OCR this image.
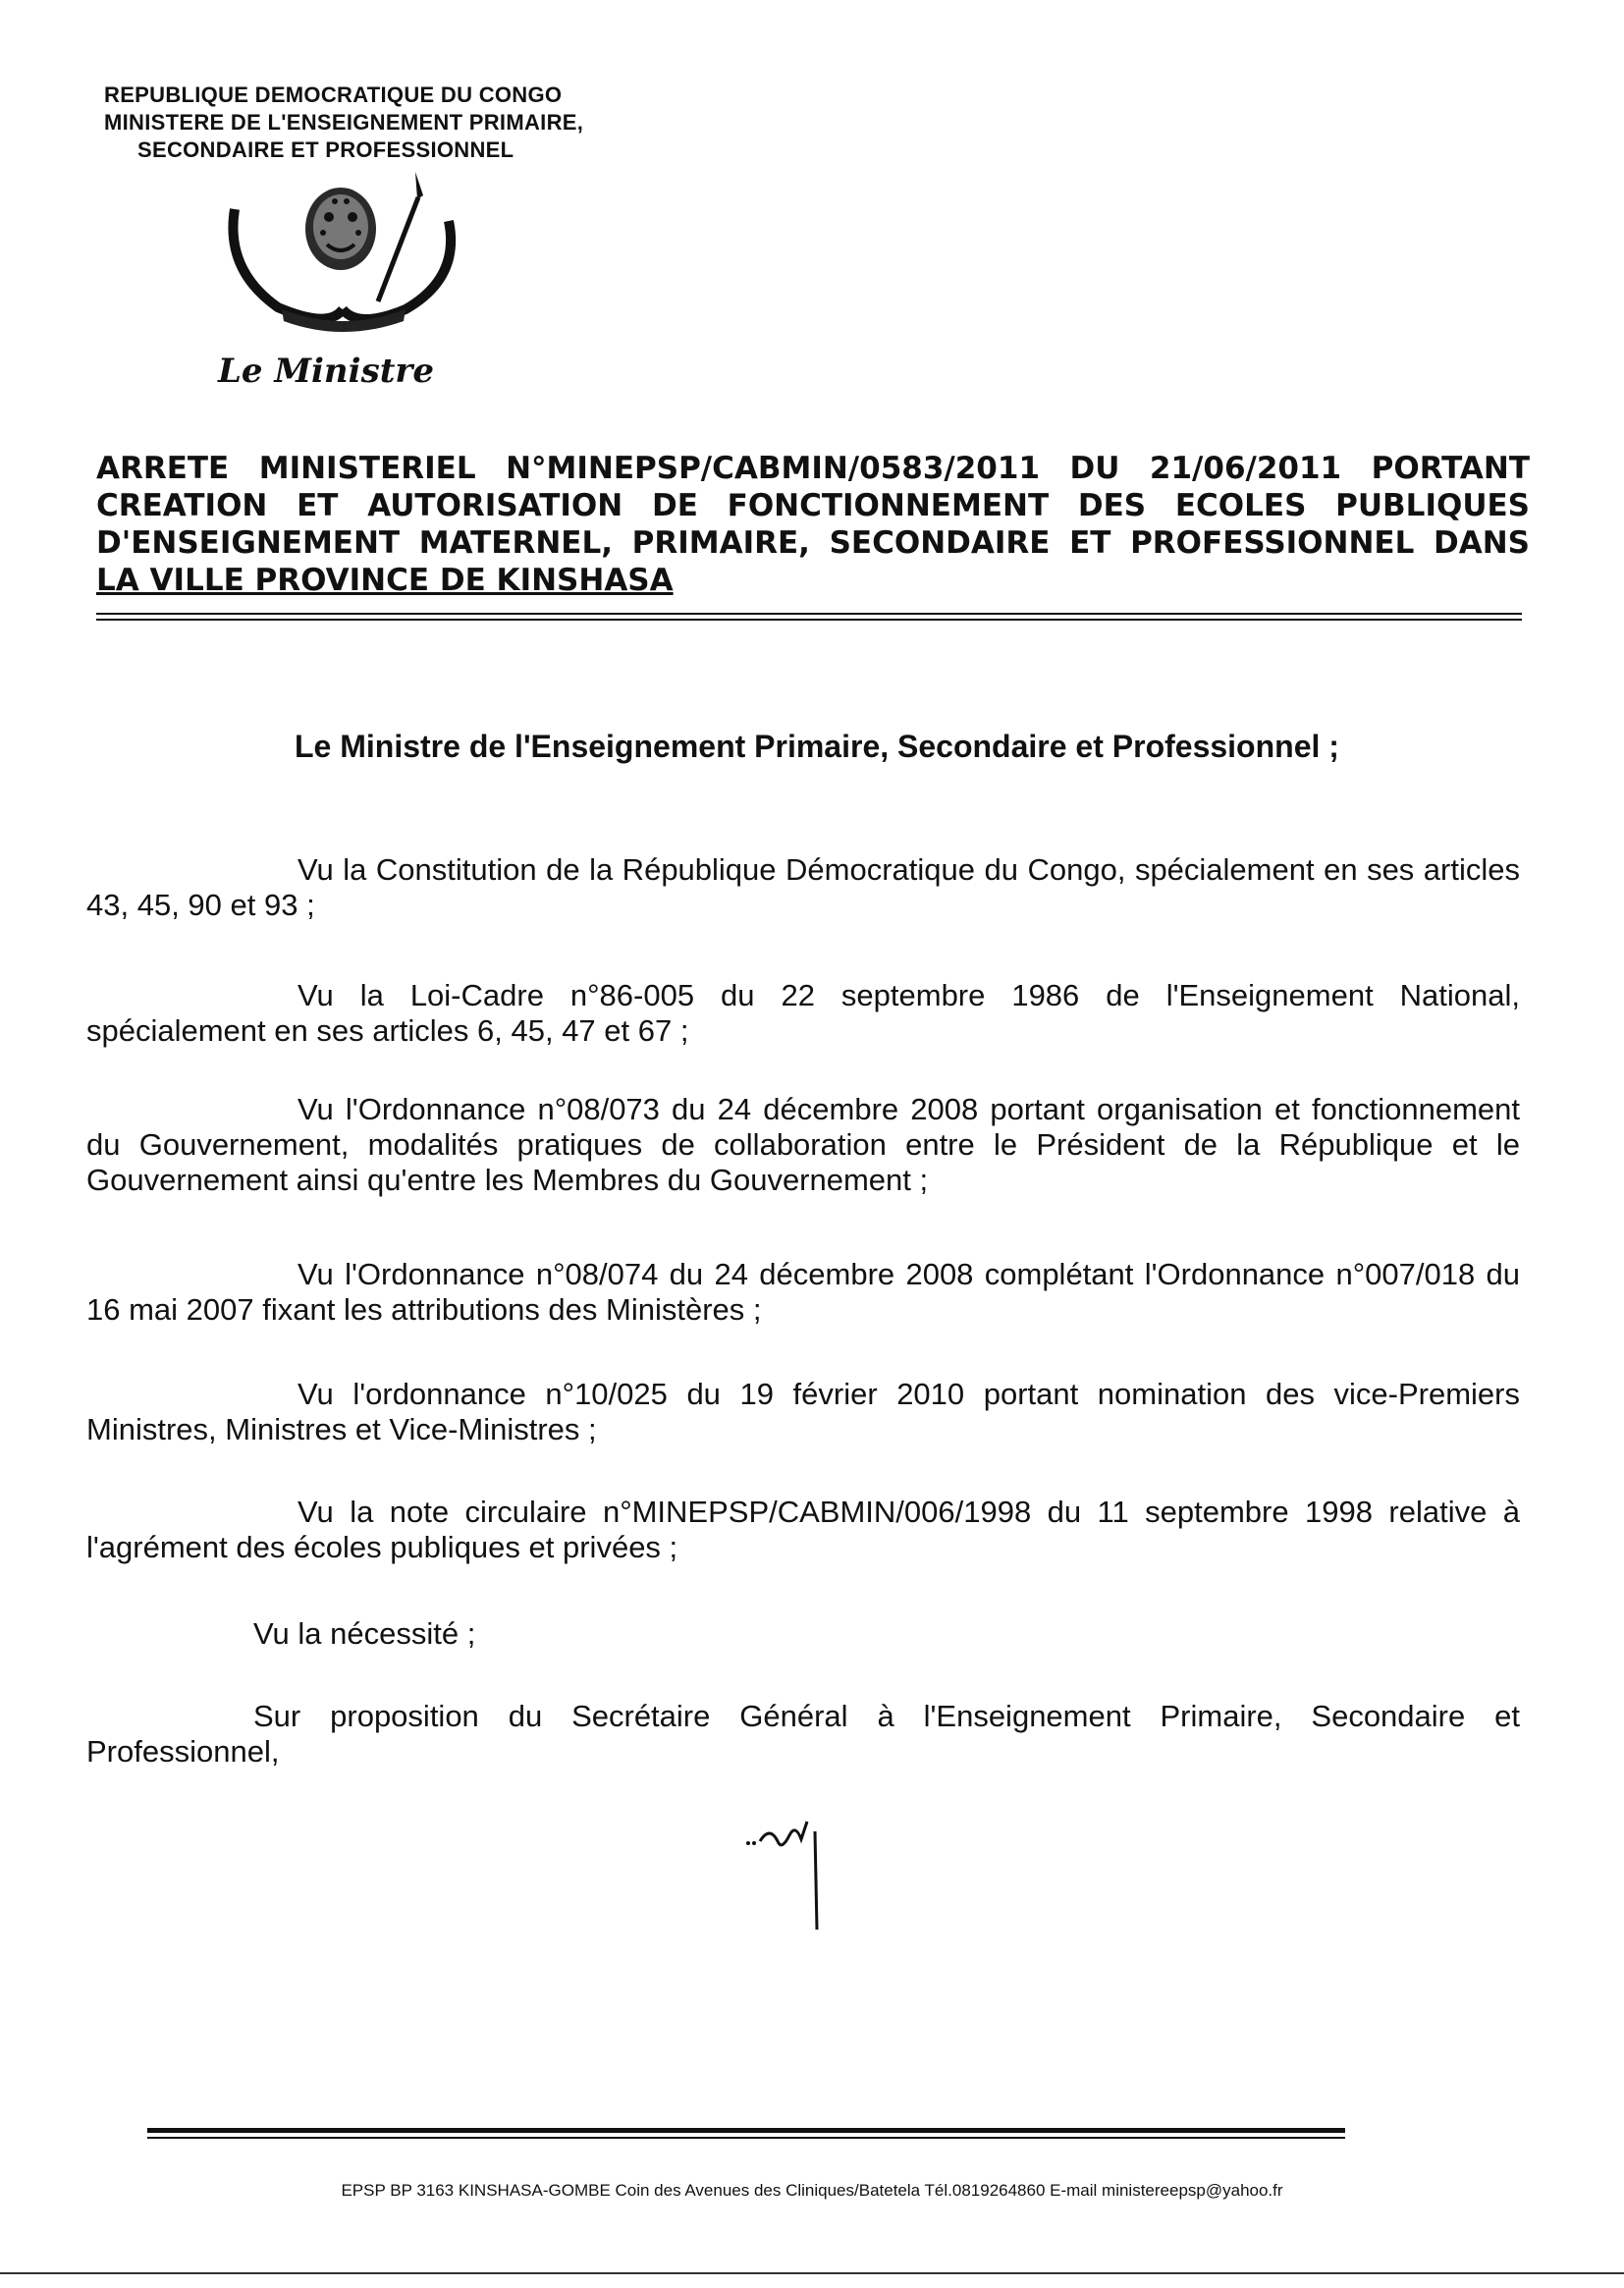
REPUBLIQUE DEMOCRATIQUE DU CONGO
MINISTERE DE L'ENSEIGNEMENT PRIMAIRE,
SECONDAIRE ET PROFESSIONNEL
Le Ministre
ARRETE MINISTERIEL N°MINEPSP/CABMIN/0583/2011 DU 21/06/2011 PORTANT
CREATION ET AUTORISATION DE FONCTIONNEMENT DES ECOLES PUBLIQUES
D'ENSEIGNEMENT MATERNEL, PRIMAIRE, SECONDAIRE ET PROFESSIONNEL DANS
LA VILLE PROVINCE DE KINSHASA
Le Ministre de l'Enseignement Primaire, Secondaire et Professionnel ;
Vu la Constitution de la République Démocratique du Congo, spécialement en ses articles 43, 45, 90 et 93 ;
Vu la Loi-Cadre n°86-005 du 22 septembre 1986 de l'Enseignement National, spécialement en ses articles 6, 45, 47 et 67 ;
Vu l'Ordonnance n°08/073 du 24 décembre 2008 portant organisation et fonctionnement du Gouvernement, modalités pratiques de collaboration entre le Président de la République et le Gouvernement ainsi qu'entre les Membres du Gouvernement ;
Vu l'Ordonnance n°08/074 du 24 décembre 2008 complétant l'Ordonnance n°007/018 du 16 mai 2007 fixant les attributions des Ministères ;
Vu l'ordonnance n°10/025 du 19 février 2010 portant nomination des vice-Premiers Ministres, Ministres et Vice-Ministres ;
Vu la note circulaire n°MINEPSP/CABMIN/006/1998 du 11 septembre 1998 relative à l'agrément des écoles publiques et privées ;
Vu la nécessité ;
Sur proposition du Secrétaire Général à l'Enseignement Primaire, Secondaire et Professionnel,
EPSP BP 3163 KINSHASA-GOMBE Coin des Avenues des Cliniques/Batetela Tél.0819264860 E-mail ministereepsp@yahoo.fr
